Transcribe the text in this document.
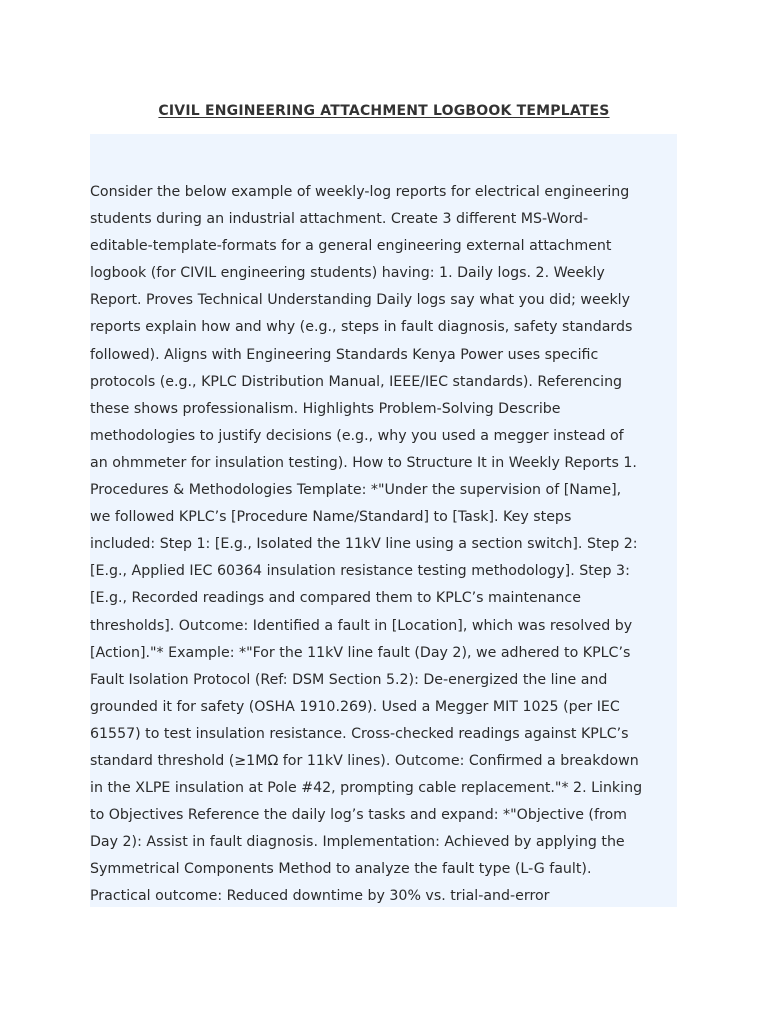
CIVIL ENGINEERING ATTACHMENT LOGBOOK TEMPLATES
Consider the below example of weekly-log reports for electrical engineering
students during an industrial attachment. Create 3 different MS-Word-
editable-template-formats for a general engineering external attachment
logbook (for CIVIL engineering students) having: 1. Daily logs. 2. Weekly
Report. Proves Technical Understanding Daily logs say what you did; weekly
reports explain how and why (e.g., steps in fault diagnosis, safety standards
followed). Aligns with Engineering Standards Kenya Power uses specific
protocols (e.g., KPLC Distribution Manual, IEEE/IEC standards). Referencing
these shows professionalism. Highlights Problem-Solving Describe
methodologies to justify decisions (e.g., why you used a megger instead of
an ohmmeter for insulation testing). How to Structure It in Weekly Reports 1.
Procedures & Methodologies Template: *"Under the supervision of [Name],
we followed KPLC’s [Procedure Name/Standard] to [Task]. Key steps
included: Step 1: [E.g., Isolated the 11kV line using a section switch]. Step 2:
[E.g., Applied IEC 60364 insulation resistance testing methodology]. Step 3:
[E.g., Recorded readings and compared them to KPLC’s maintenance
thresholds]. Outcome: Identified a fault in [Location], which was resolved by
[Action]."* Example: *"For the 11kV line fault (Day 2), we adhered to KPLC’s
Fault Isolation Protocol (Ref: DSM Section 5.2): De-energized the line and
grounded it for safety (OSHA 1910.269). Used a Megger MIT 1025 (per IEC
61557) to test insulation resistance. Cross-checked readings against KPLC’s
standard threshold (≥1MΩ for 11kV lines). Outcome: Confirmed a breakdown
in the XLPE insulation at Pole #42, prompting cable replacement."* 2. Linking
to Objectives Reference the daily log’s tasks and expand: *"Objective (from
Day 2): Assist in fault diagnosis. Implementation: Achieved by applying the
Symmetrical Components Method to analyze the fault type (L-G fault).
Practical outcome: Reduced downtime by 30% vs. trial-and-error
